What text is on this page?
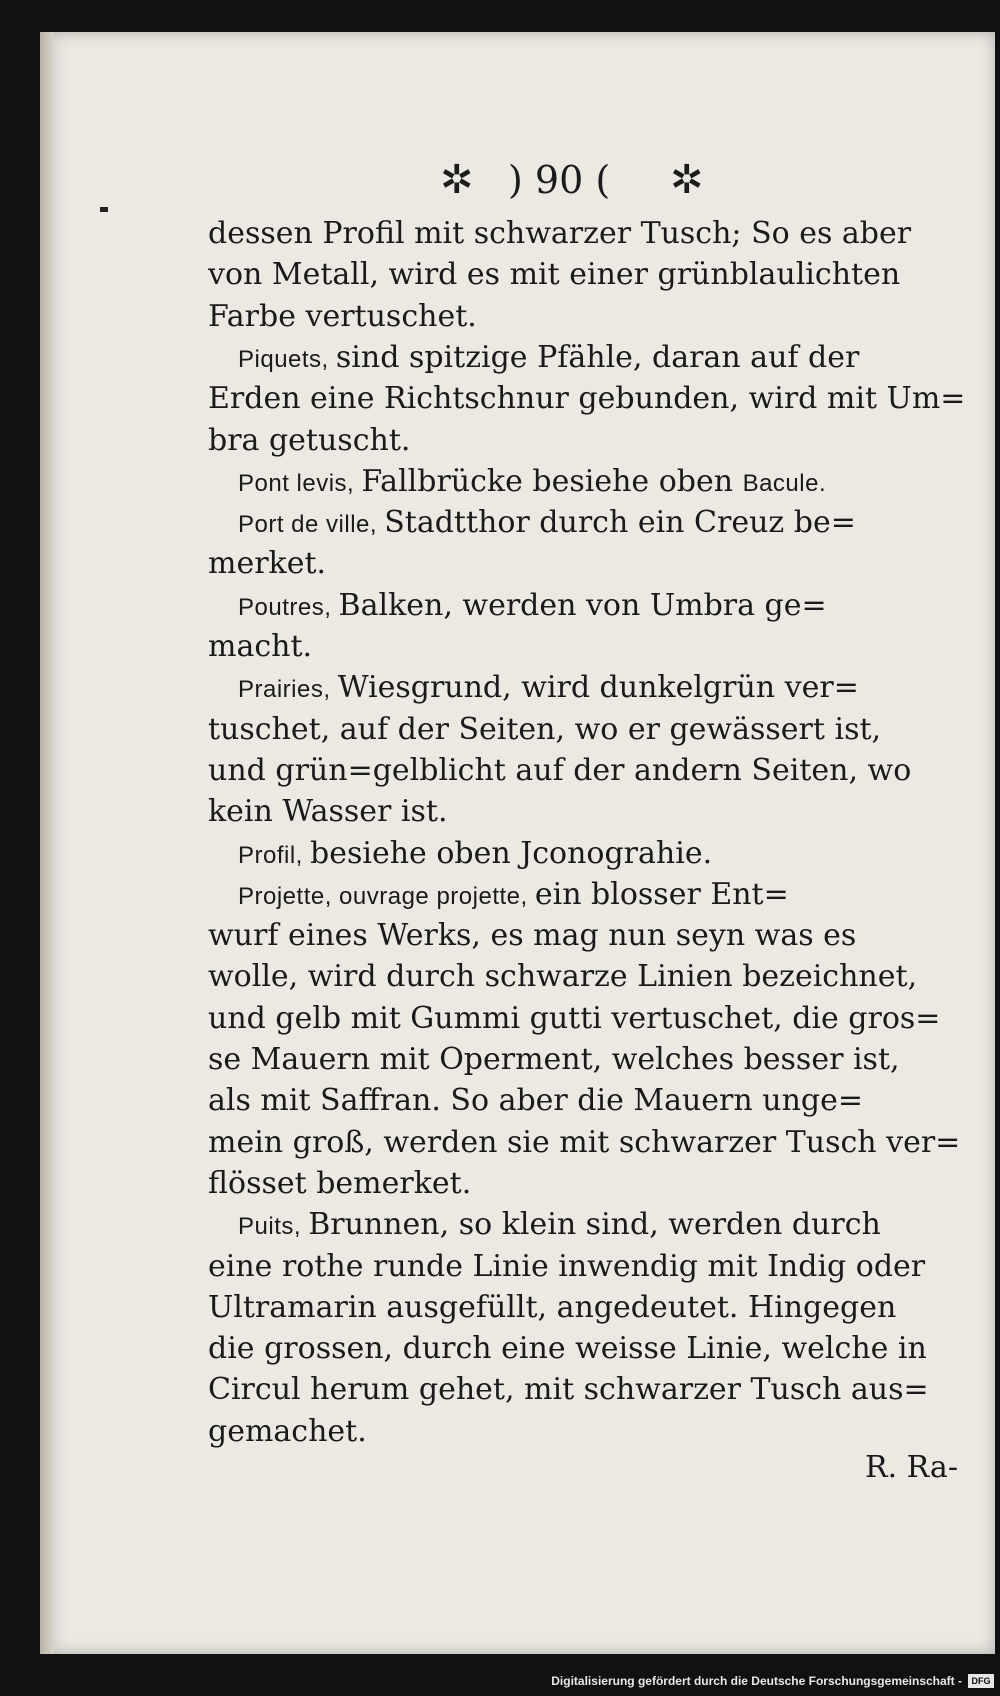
✲ ) 90 ( ✲
dessen Profil mit schwarzer Tusch; So es aber
von Metall, wird es mit einer grünblaulichten
Farbe vertuschet.
Piquets, sind spitzige Pfähle, daran auf der
Erden eine Richtschnur gebunden, wird mit Um=
bra getuscht.
Pont levis, Fallbrücke besiehe oben Bacule.
Port de ville, Stadtthor durch ein Creuz be=
merket.
Poutres, Balken, werden von Umbra ge=
macht.
Prairies, Wiesgrund, wird dunkelgrün ver=
tuschet, auf der Seiten, wo er gewässert ist,
und grün=gelblicht auf der andern Seiten, wo
kein Wasser ist.
Profil, besiehe oben Jconograhie.
Projette, ouvrage projette, ein blosser Ent=
wurf eines Werks, es mag nun seyn was es
wolle, wird durch schwarze Linien bezeichnet,
und gelb mit Gummi gutti vertuschet, die gros=
se Mauern mit Operment, welches besser ist,
als mit Saffran. So aber die Mauern unge=
mein groß, werden sie mit schwarzer Tusch ver=
flösset bemerket.
Puits, Brunnen, so klein sind, werden durch
eine rothe runde Linie inwendig mit Indig oder
Ultramarin ausgefüllt, angedeutet. Hingegen
die grossen, durch eine weisse Linie, welche in
Circul herum gehet, mit schwarzer Tusch aus=
gemachet.
R. Ra-
Digitalisierung gefördert durch die Deutsche Forschungsgemeinschaft -	DFG
